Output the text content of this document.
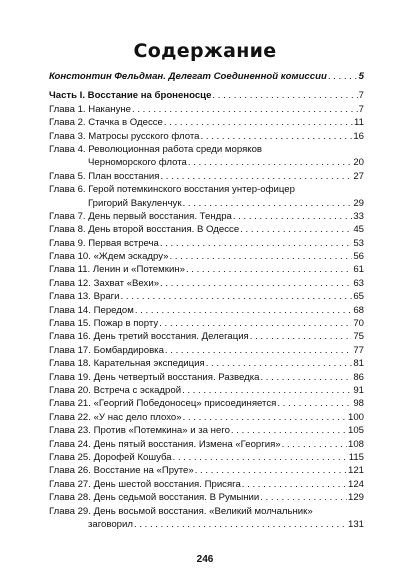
Содержание
Констонтин Фельдман. Делегат Соединенной комиссии . . .	5
Часть I. Восстание на броненосце . . .	7
Глава 1. Накануне . . .	7
Глава 2. Стачка в Одессе . . .	11
Глава 3. Матросы русского флота . . .	16
Глава 4. Революционная работа среди моряков
Черноморского флота . . .	20
Глава 5. План восстания . . .	27
Глава 6. Герой потемкинского восстания унтер-офицер
Григорий Вакуленчук . . .	29
Глава 7. День первый восстания. Тендра . . .	33
Глава 8. День второй восстания. В Одессе . . .	45
Глава 9. Первая встреча . . .	53
Глава 10. «Ждем эскадру» . . .	56
Глава 11. Ленин и «Потемкин» . . .	61
Глава 12. Захват «Вехи» . . .	63
Глава 13. Враги . . .	65
Глава 14. Передом . . .	68
Глава 15. Пожар в порту . . .	70
Глава 16. День третий восстания. Делегация . . .	75
Глава 17. Бомбардировка . . .	77
Глава 18. Карательная экспедиция . . .	81
Глава 19. День четвертый восстания. Разведка . . .	86
Глава 20. Встреча с эскадрой . . .	91
Глава 21. «Георгий Победоносец» присоединяется . . .	98
Глава 22. «У нас дело плохо» . . .	100
Глава 23. Против «Потемкина» и за него . . .	105
Глава 24. День пятый восстания. Измена «Георгия» . . .	108
Глава 25. Дорофей Кошуба . . .	115
Глава 26. Восстание на «Пруте» . . .	121
Глава 27. День шестой восстания. Присяга . . .	124
Глава 28. День седьмой восстания. В Румынии . . .	129
Глава 29. День восьмой восстания. «Великий молчальник»
заговорил . . .	131
246
